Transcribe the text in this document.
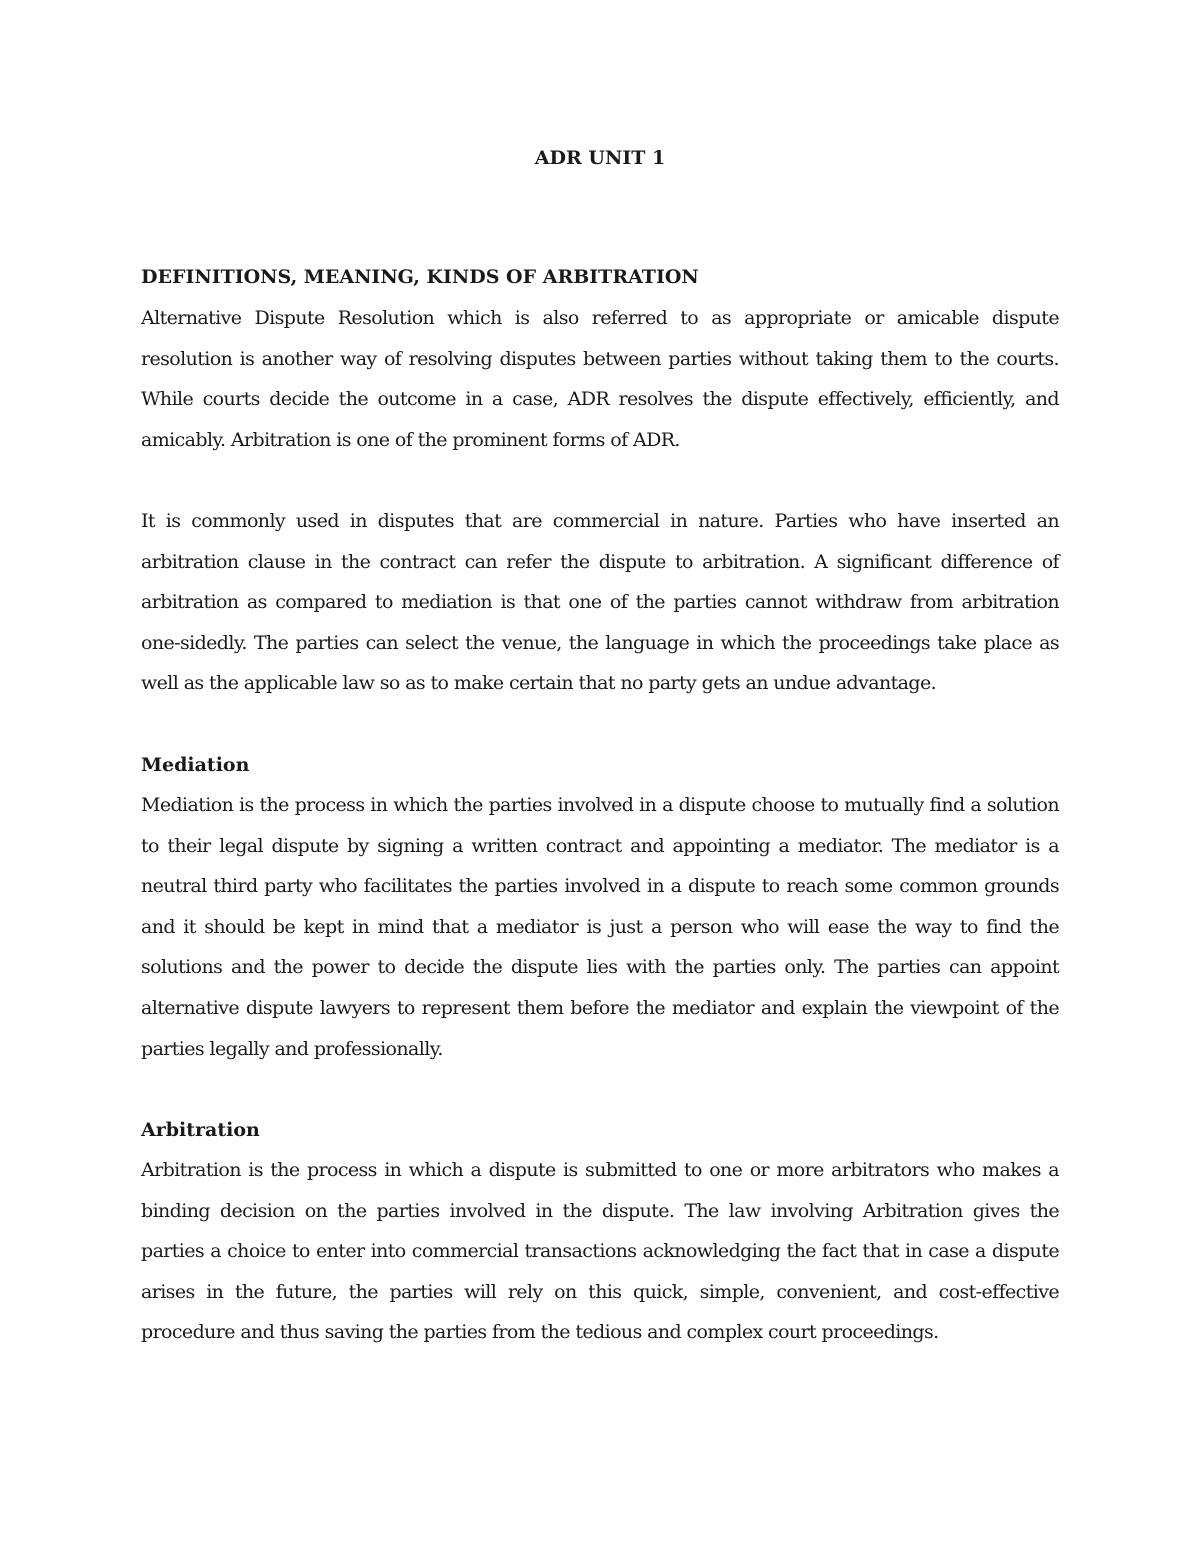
ADR UNIT 1
DEFINITIONS, MEANING, KINDS OF ARBITRATION

Alternative Dispute Resolution which is also referred to as appropriate or amicable dispute resolution is another way of resolving disputes between parties without taking them to the courts. While courts decide the outcome in a case, ADR resolves the dispute effectively, efficiently, and amicably. Arbitration is one of the prominent forms of ADR.

It is commonly used in disputes that are commercial in nature. Parties who have inserted an arbitration clause in the contract can refer the dispute to arbitration. A significant difference of arbitration as compared to mediation is that one of the parties cannot withdraw from arbitration one-sidedly. The parties can select the venue, the language in which the proceedings take place as well as the applicable law so as to make certain that no party gets an undue advantage.

Mediation

Mediation is the process in which the parties involved in a dispute choose to mutually find a solution to their legal dispute by signing a written contract and appointing a mediator. The mediator is a neutral third party who facilitates the parties involved in a dispute to reach some common grounds and it should be kept in mind that a mediator is just a person who will ease the way to find the solutions and the power to decide the dispute lies with the parties only. The parties can appoint alternative dispute lawyers to represent them before the mediator and explain the viewpoint of the parties legally and professionally.

Arbitration

Arbitration is the process in which a dispute is submitted to one or more arbitrators who makes a binding decision on the parties involved in the dispute. The law involving Arbitration gives the parties a choice to enter into commercial transactions acknowledging the fact that in case a dispute arises in the future, the parties will rely on this quick, simple, convenient, and cost-effective procedure and thus saving the parties from the tedious and complex court proceedings.
